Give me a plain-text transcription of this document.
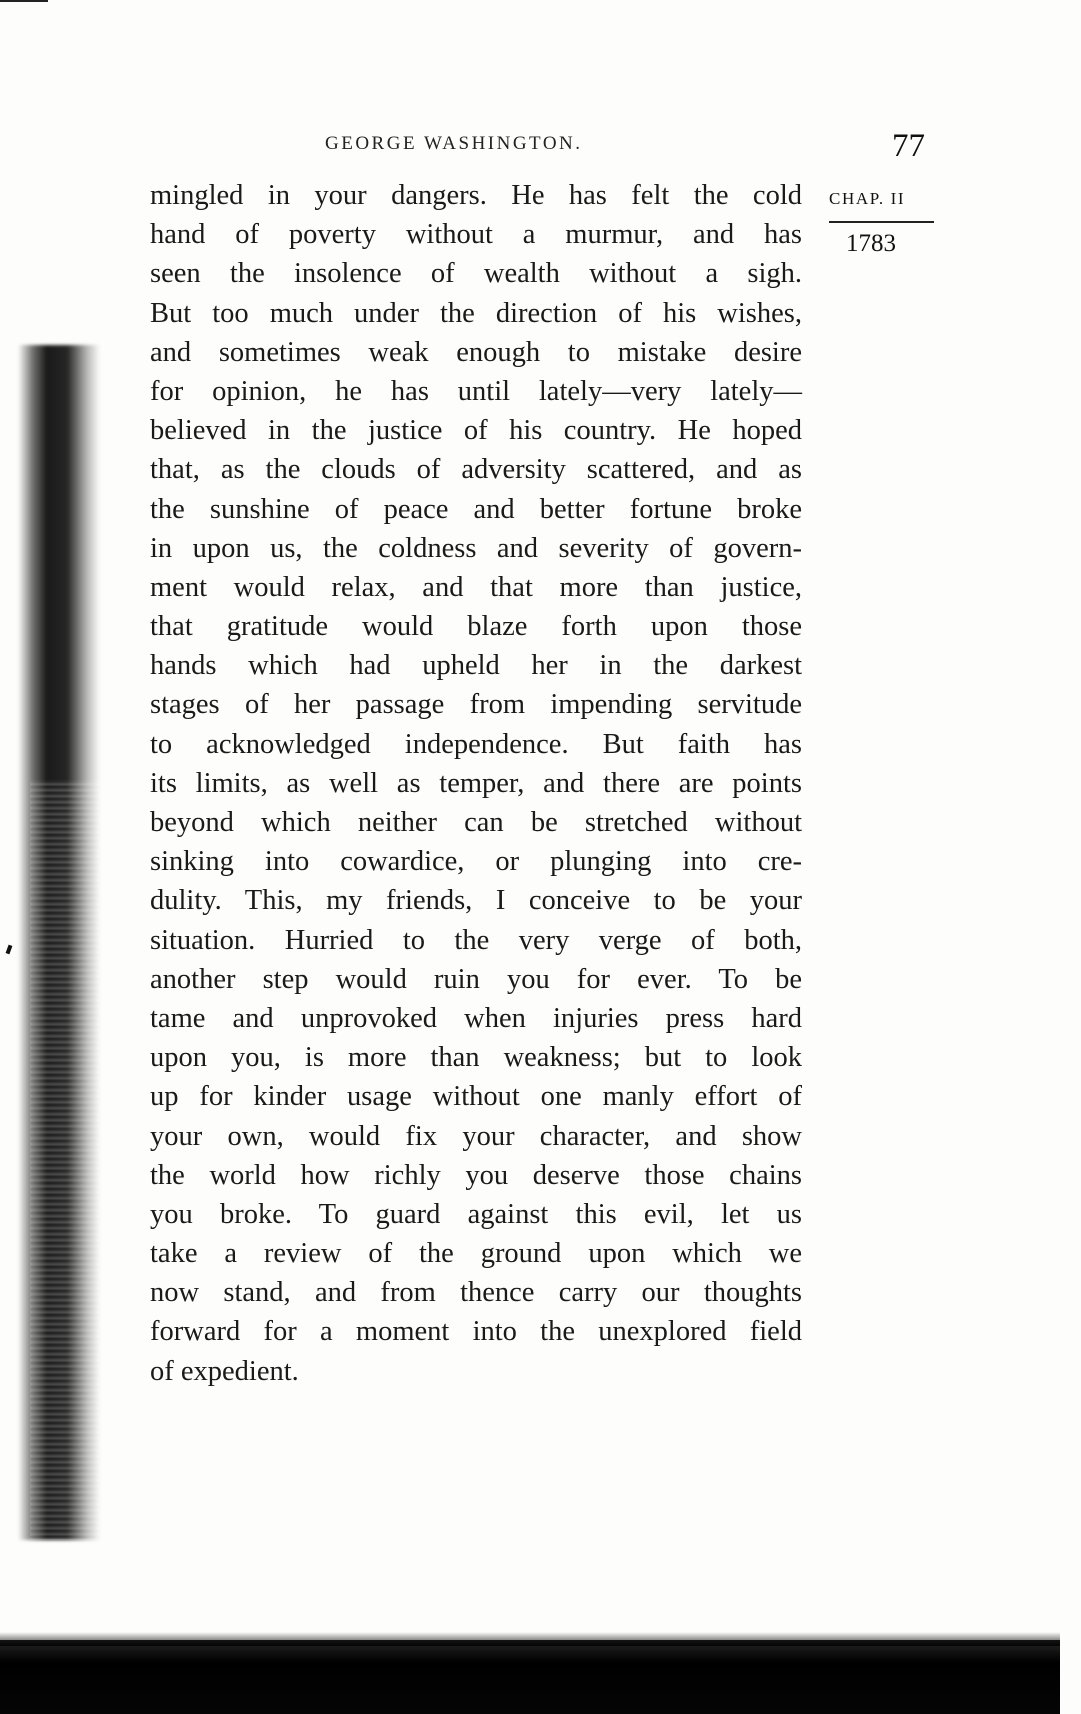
GEORGE WASHINGTON.	77
CHAP. II
1783
mingled in your dangers. He has felt the cold
hand of poverty without a murmur, and has
seen the insolence of wealth without a sigh.
But too much under the direction of his wishes,
and sometimes weak enough to mistake desire
for opinion, he has until lately—very lately—
believed in the justice of his country. He hoped
that, as the clouds of adversity scattered, and as
the sunshine of peace and better fortune broke
in upon us, the coldness and severity of govern-
ment would relax, and that more than justice,
that gratitude would blaze forth upon those
hands which had upheld her in the darkest
stages of her passage from impending servitude
to acknowledged independence. But faith has
its limits, as well as temper, and there are points
beyond which neither can be stretched without
sinking into cowardice, or plunging into cre-
dulity. This, my friends, I conceive to be your
situation. Hurried to the very verge of both,
another step would ruin you for ever. To be
tame and unprovoked when injuries press hard
upon you, is more than weakness; but to look
up for kinder usage without one manly effort of
your own, would fix your character, and show
the world how richly you deserve those chains
you broke. To guard against this evil, let us
take a review of the ground upon which we
now stand, and from thence carry our thoughts
forward for a moment into the unexplored field
of expedient.
